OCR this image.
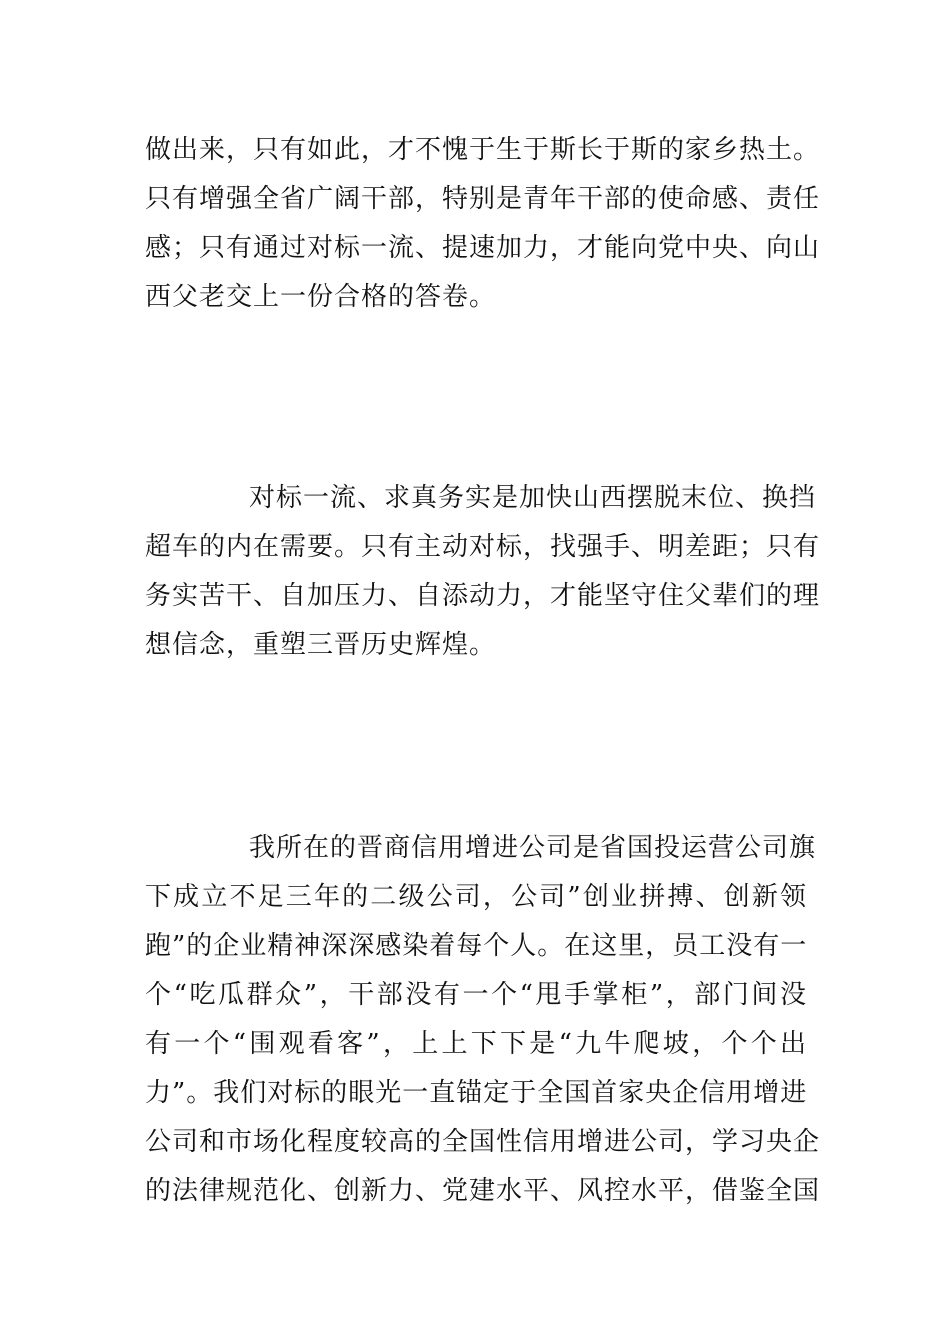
做出来，只有如此，才不愧于生于斯长于斯的家乡热土。
只有增强全省广阔干部，特别是青年干部的使命感、责任
感；只有通过对标一流、提速加力，才能向党中央、向山
西父老交上一份合格的答卷。

对标一流、求真务实是加快山西摆脱末位、换挡
超车的内在需要。只有主动对标，找强手、明差距；只有
务实苦干、自加压力、自添动力，才能坚守住父辈们的理
想信念，重塑三晋历史辉煌。

我所在的晋商信用增进公司是省国投运营公司旗
下成立不足三年的二级公司，公司”创业拼搏、创新领
跑”的企业精神深深感染着每个人。在这里，员工没有一
个“吃瓜群众”，干部没有一个“甩手掌柜”，部门间没
有一个“围观看客”，上上下下是“九牛爬坡，个个出
力”。我们对标的眼光一直锚定于全国首家央企信用增进
公司和市场化程度较高的全国性信用增进公司，学习央企
的法律规范化、创新力、党建水平、风控水平，借鉴全国
